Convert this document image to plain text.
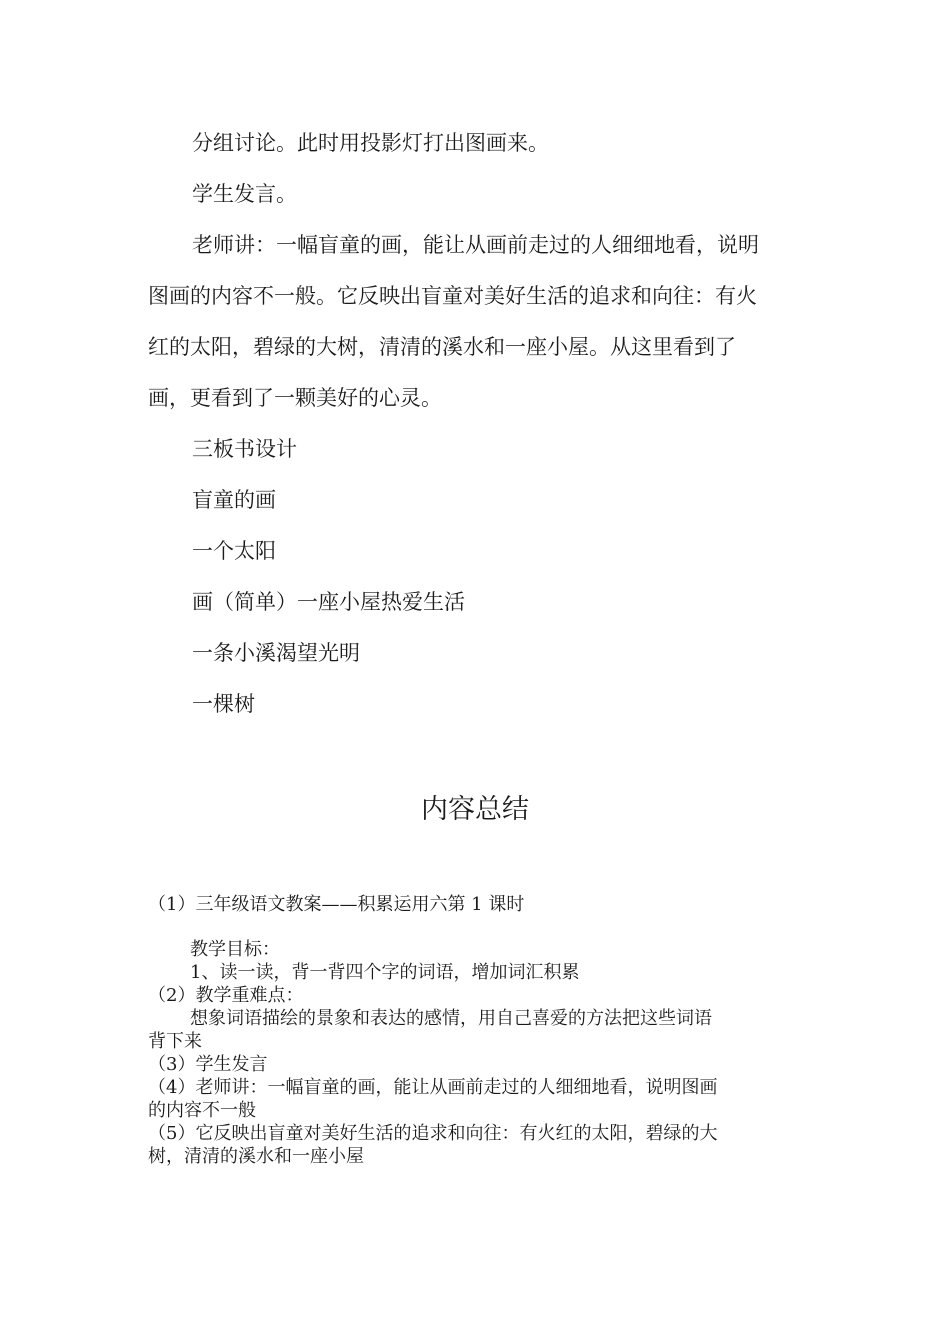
分组讨论。此时用投影灯打出图画来。

学生发言。

老师讲：一幅盲童的画，能让从画前走过的人细细地看，说明
图画的内容不一般。它反映出盲童对美好生活的追求和向往：有火
红的太阳，碧绿的大树，清清的溪水和一座小屋。从这里看到了
画，更看到了一颗美好的心灵。

三板书设计

盲童的画

一个太阳

画（简单）一座小屋热爱生活

一条小溪渴望光明

一棵树

内容总结
（1）三年级语文教案——积累运用六第 1 课时
教学目标：
1、读一读，背一背四个字的词语，增加词汇积累
（2）教学重难点：
想象词语描绘的景象和表达的感情，用自己喜爱的方法把这些词语
背下来
（3）学生发言
（4）老师讲：一幅盲童的画，能让从画前走过的人细细地看，说明图画
的内容不一般
（5）它反映出盲童对美好生活的追求和向往：有火红的太阳，碧绿的大
树，清清的溪水和一座小屋
